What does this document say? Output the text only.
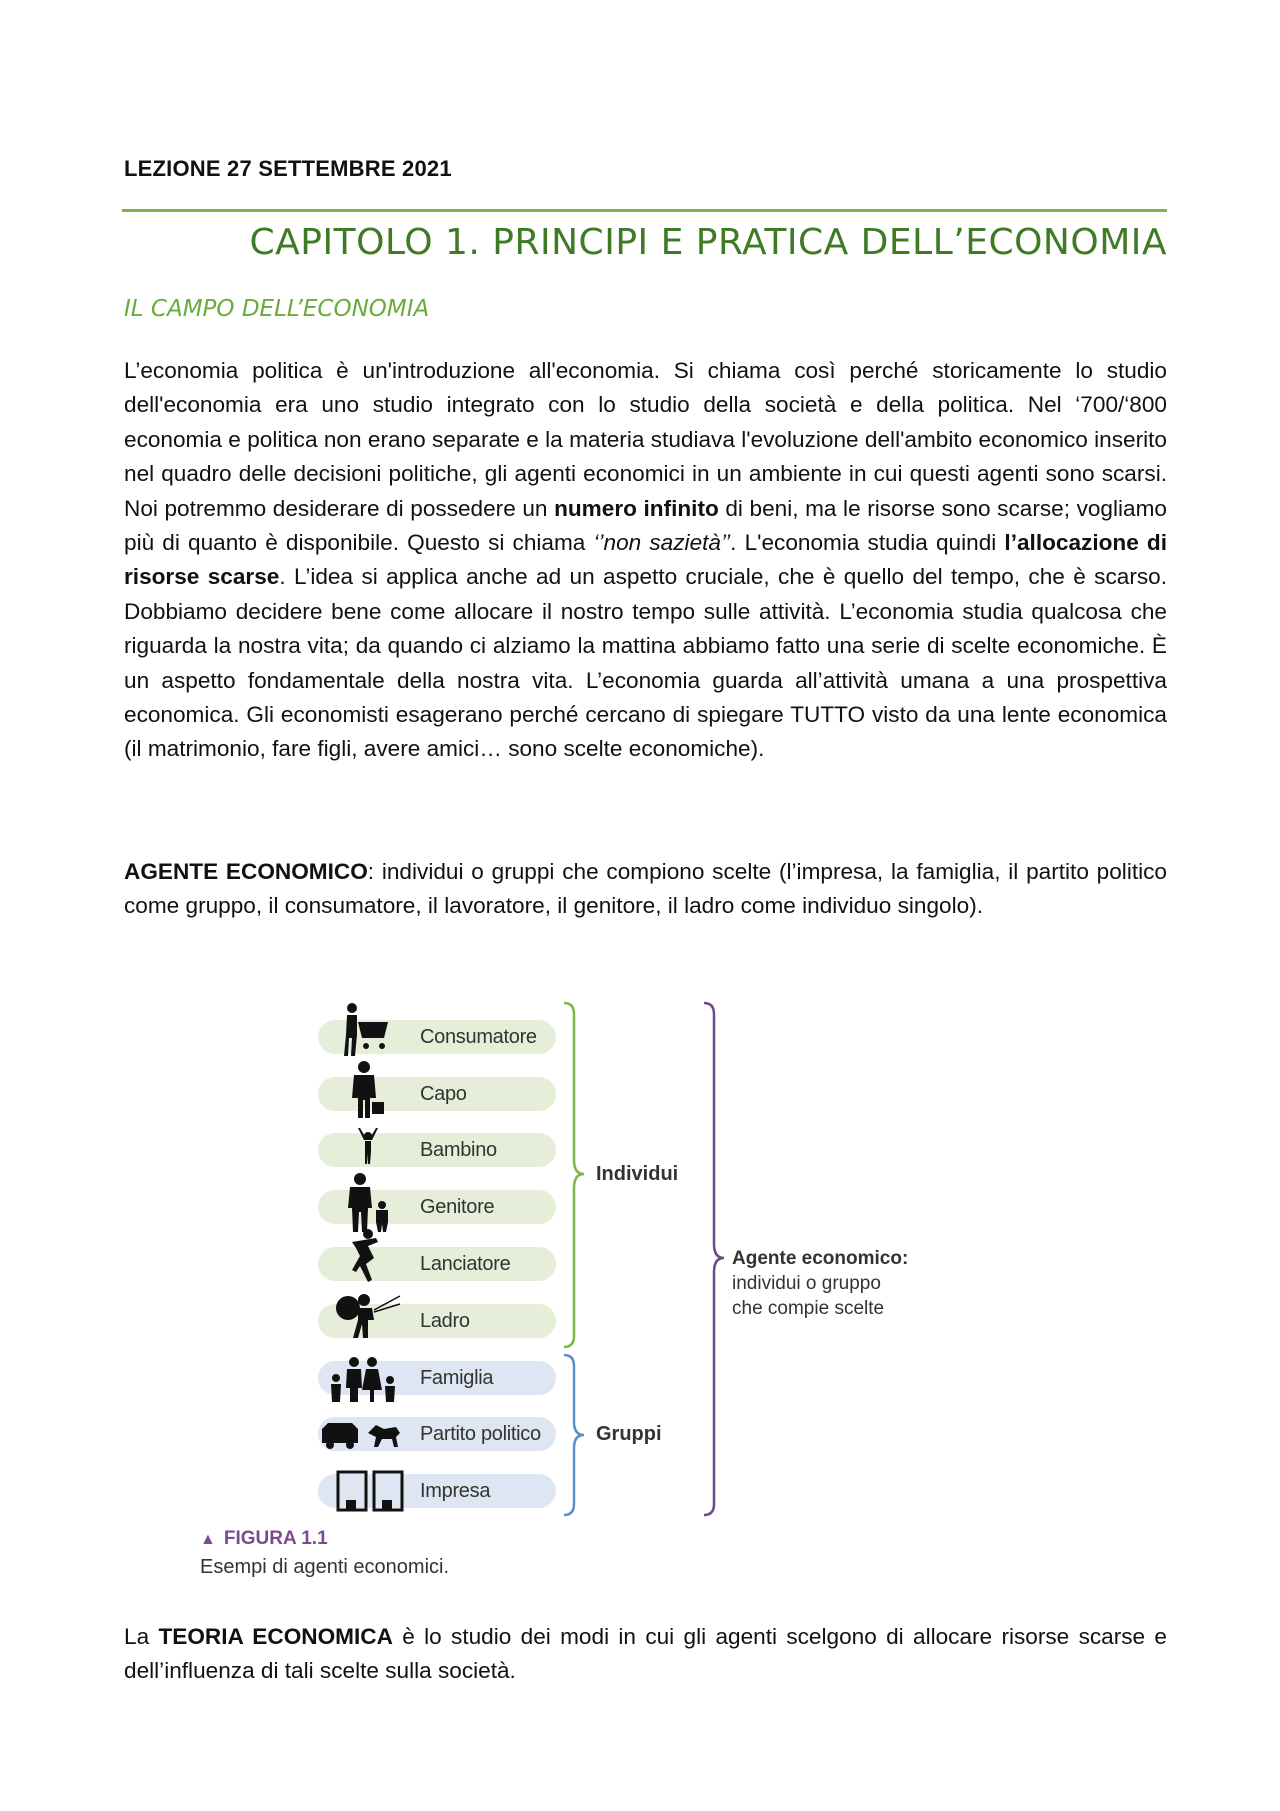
LEZIONE 27 SETTEMBRE 2021
CAPITOLO 1. PRINCIPI E PRATICA DELL’ECONOMIA
IL CAMPO DELL’ECONOMIA
L’economia politica è un'introduzione all'economia. Si chiama così perché storicamente lo studio dell'economia era uno studio integrato con lo studio della società e della politica. Nel ‘700/‘800 economia e politica non erano separate e la materia studiava l'evoluzione dell'ambito economico inserito nel quadro delle decisioni politiche, gli agenti economici in un ambiente in cui questi agenti sono scarsi. Noi potremmo desiderare di possedere un numero infinito di beni, ma le risorse sono scarse; vogliamo più di quanto è disponibile. Questo si chiama ‘’non sazietà’’. L'economia studia quindi l’allocazione di risorse scarse. L’idea si applica anche ad un aspetto cruciale, che è quello del tempo, che è scarso. Dobbiamo decidere bene come allocare il nostro tempo sulle attività. L’economia studia qualcosa che riguarda la nostra vita; da quando ci alziamo la mattina abbiamo fatto una serie di scelte economiche. È un aspetto fondamentale della nostra vita. L’economia guarda all’attività umana a una prospettiva economica. Gli economisti esagerano perché cercano di spiegare TUTTO visto da una lente economica (il matrimonio, fare figli, avere amici… sono scelte economiche).
AGENTE ECONOMICO: individui o gruppi che compiono scelte (l’impresa, la famiglia, il partito politico come gruppo, il consumatore, il lavoratore, il genitore, il ladro come individuo singolo).
Consumatore
Capo
Bambino
Genitore
Lanciatore
Ladro
Famiglia
Partito politico
Impresa
Individui
Gruppi
Agente economico:
individui o gruppo
che compie scelte
▲ FIGURA 1.1
Esempi di agenti economici.
La TEORIA ECONOMICA è lo studio dei modi in cui gli agenti scelgono di allocare risorse scarse e dell’influenza di tali scelte sulla società.
